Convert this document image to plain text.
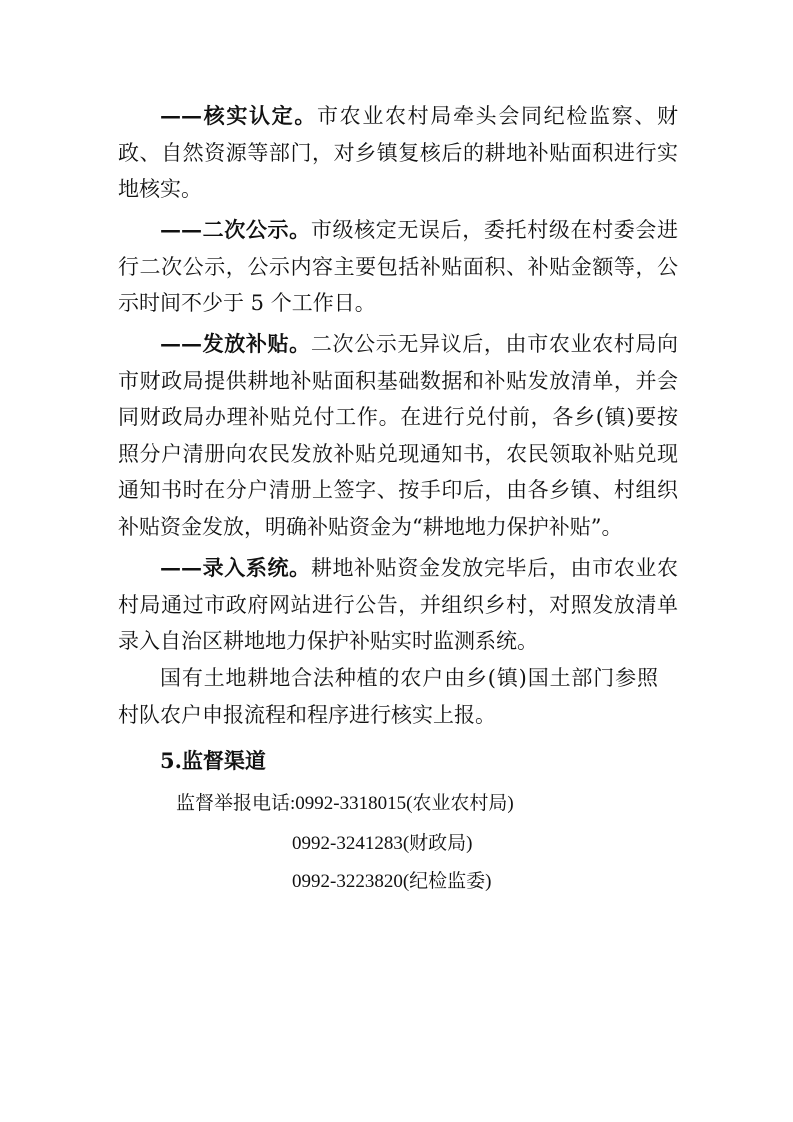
——核实认定。市农业农村局牵头会同纪检监察、财政、自然资源等部门，对乡镇复核后的耕地补贴面积进行实地核实。

——二次公示。市级核定无误后，委托村级在村委会进行二次公示，公示内容主要包括补贴面积、补贴金额等，公示时间不少于 5 个工作日。

——发放补贴。二次公示无异议后，由市农业农村局向市财政局提供耕地补贴面积基础数据和补贴发放清单，并会同财政局办理补贴兑付工作。在进行兑付前，各乡(镇)要按照分户清册向农民发放补贴兑现通知书，农民领取补贴兑现通知书时在分户清册上签字、按手印后，由各乡镇、村组织补贴资金发放，明确补贴资金为“耕地地力保护补贴”。

——录入系统。耕地补贴资金发放完毕后，由市农业农村局通过市政府网站进行公告，并组织乡村，对照发放清单录入自治区耕地地力保护补贴实时监测系统。

国有土地耕地合法种植的农户由乡(镇)国土部门参照村队农户申报流程和程序进行核实上报。

5.监督渠道

监督举报电话:0992-3318015(农业农村局)

0992-3241283(财政局)

0992-3223820(纪检监委)
